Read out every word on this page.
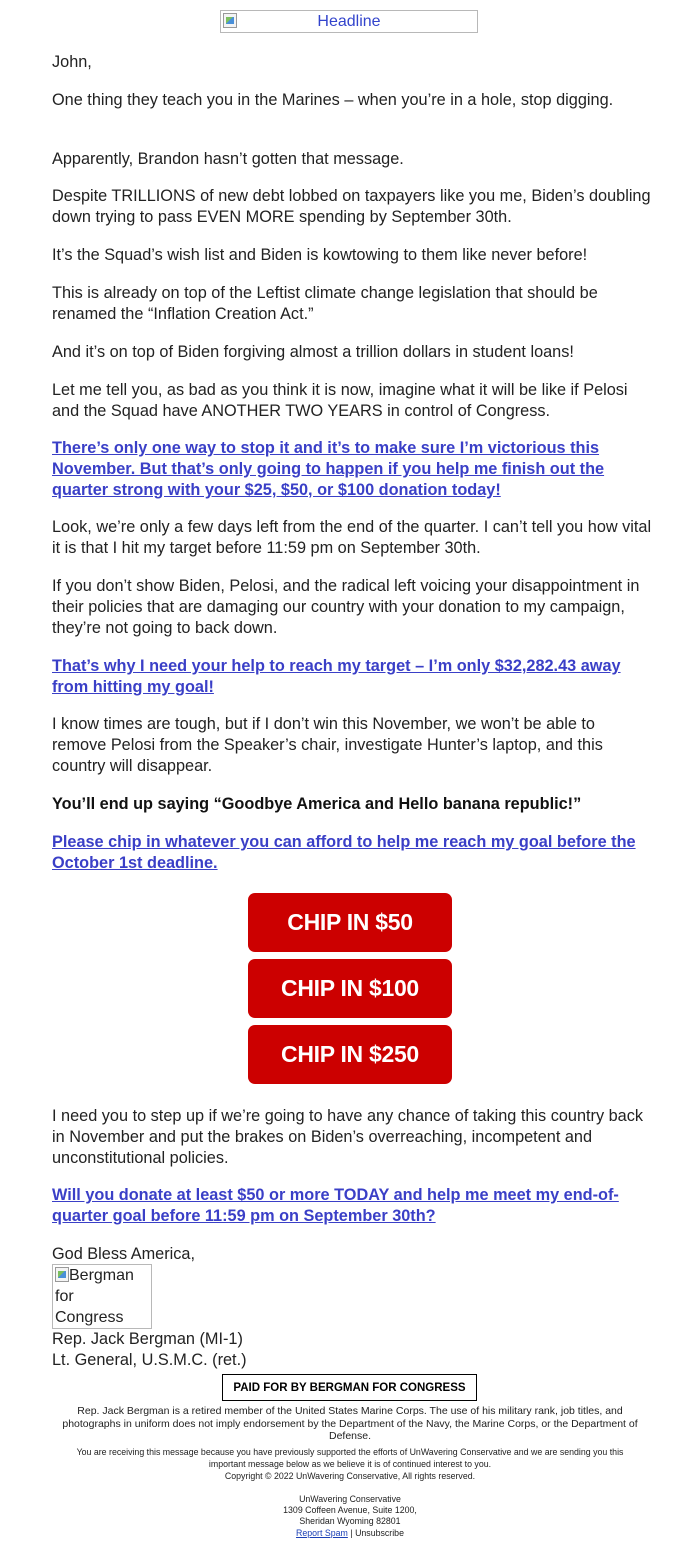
Headline

John,

One thing they teach you in the Marines – when you’re in a hole, stop digging.

Apparently, Brandon hasn’t gotten that message.

Despite TRILLIONS of new debt lobbed on taxpayers like you me, Biden’s doubling down trying to pass EVEN MORE spending by September 30th.

It’s the Squad’s wish list and Biden is kowtowing to them like never before!

This is already on top of the Leftist climate change legislation that should be renamed the “Inflation Creation Act.”

And it’s on top of Biden forgiving almost a trillion dollars in student loans!

Let me tell you, as bad as you think it is now, imagine what it will be like if Pelosi and the Squad have ANOTHER TWO YEARS in control of Congress.

There’s only one way to stop it and it’s to make sure I’m victorious this November. But that’s only going to happen if you help me finish out the quarter strong with your $25, $50, or $100 donation today!

Look, we’re only a few days left from the end of the quarter. I can’t tell you how vital it is that I hit my target before 11:59 pm on September 30th.

If you don’t show Biden, Pelosi, and the radical left voicing your disappointment in their policies that are damaging our country with your donation to my campaign, they’re not going to back down.

That’s why I need your help to reach my target – I’m only $32,282.43 away from hitting my goal!

I know times are tough, but if I don’t win this November, we won’t be able to remove Pelosi from the Speaker’s chair, investigate Hunter’s laptop, and this country will disappear.

You’ll end up saying “Goodbye America and Hello banana republic!”

Please chip in whatever you can afford to help me reach my goal before the October 1st deadline.

CHIP IN $50
CHIP IN $100
CHIP IN $250

I need you to step up if we’re going to have any chance of taking this country back in November and put the brakes on Biden’s overreaching, incompetent and unconstitutional policies.

Will you donate at least $50 or more TODAY and help me meet my end-of-quarter goal before 11:59 pm on September 30th?

God Bless America,

Bergman
for
Congress

Rep. Jack Bergman (MI-1)

Lt. General, U.S.M.C. (ret.)

PAID FOR BY BERGMAN FOR CONGRESS

Rep. Jack Bergman is a retired member of the United States Marine Corps. The use of his military rank, job titles, and photographs in uniform does not imply endorsement by the Department of the Navy, the Marine Corps, or the Department of Defense.

You are receiving this message because you have previously supported the efforts of UnWavering Conservative and we are sending you this important message below as we believe it is of continued interest to you.

Copyright © 2022 UnWavering Conservative, All rights reserved.

UnWavering Conservative
1309 Coffeen Avenue, Suite 1200,
Sheridan Wyoming 82801
Report Spam | Unsubscribe
